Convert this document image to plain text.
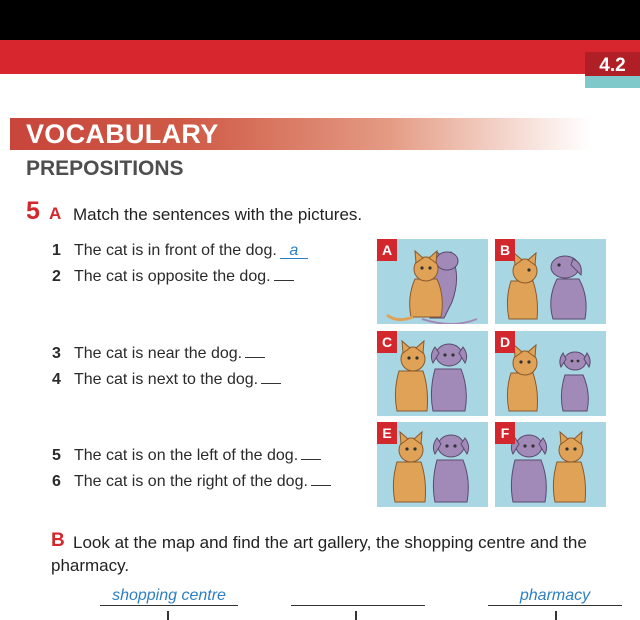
4.2
VOCABULARY
PREPOSITIONS
5 A Match the sentences with the pictures.
1 The cat is in front of the dog. a
2 The cat is opposite the dog.
3 The cat is near the dog.
4 The cat is next to the dog.
5 The cat is on the left of the dog.
6 The cat is on the right of the dog.
A	B
C	D
E	F
B Look at the map and find the art gallery, the shopping centre and the pharmacy.
shopping centre	pharmacy
